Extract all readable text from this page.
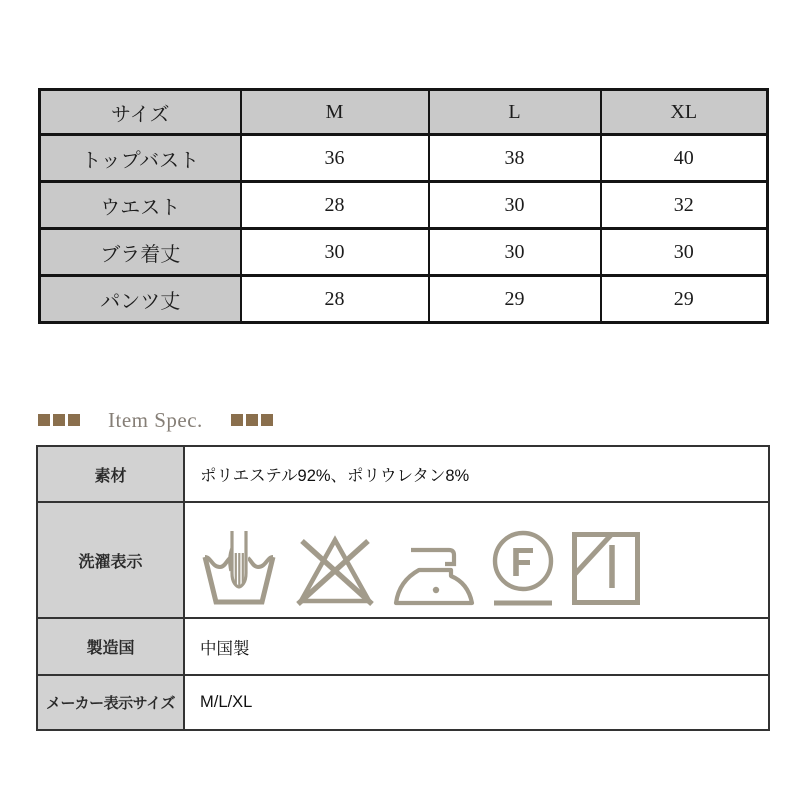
サイズ	M	L	XL
トップバスト	36	38	40
ウエスト	28	30	32
ブラ着丈	30	30	30
パンツ丈	28	29	29
Item Spec.
素材	ポリエステル92%、ポリウレタン8%
洗濯表示	

製造国	中国製
メーカー表示サイズ	M/L/XL
